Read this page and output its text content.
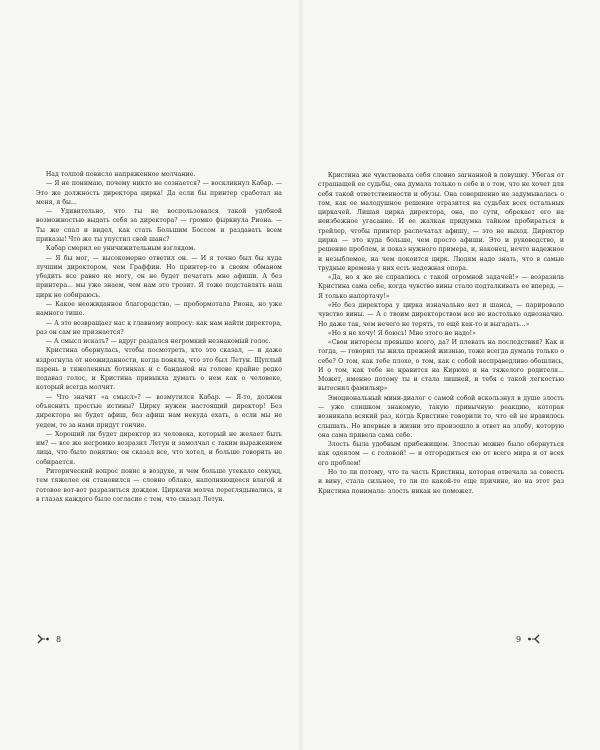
Над толпой повисло напряженное молчание.

— Я не понимаю, почему никто не сознается? — воскликнул Кабар. — Это же должность директора цирка! Да если бы принтер сработал на меня, я бы...

— Удивительно, что ты не воспользовался такой удобной возможностью выдать себя за директора? — громко фыркнула Риона. — Ты же спал и видел, как стать Большим Боссом и раздавать всем приказы! Что же ты упустил свой шанс?

Кабар смерил ее уничижительным взглядом.

— Я бы мог, — высокомерно ответил он. — И я точно был бы куда лучшим директором, чем Граффин. Но принтер-то в своим обманом убедить все равно не могу, он не будет печатать мне афиши. А без принтера... мы уже знаем, чем нам это грозит. Я тоже подставлять наш цирк не собираюсь.

— Какое неожиданное благородство, — пробормотала Риона, но уже намного тише.

— А это возвращает нас к главному вопросу: как нам найти директора, раз он сам не признается?

— А смысл искать? — вдруг раздался негромкий незнакомый голос.

Кристина обернулась, чтобы посмотреть, кто это сказал, — и даже вздрогнула от неожиданности, когда поняла, что это был Летун. Щуплый парень в тяжеленных ботинках и с банданой на голове крайне редко подавал голос, и Кристина привыкла думать о нем как о человеке, который всегда молчит.

— Что значит «а смысл»? — возмутился Кабар. — Я-то, должен объяснить простые истины? Цирку нужен настоящий директор! Без директора не будет афиш, без афиш нам некуда ехать, а если мы не уедем, то за нами придут гончие.

— Хороший ли будет директор из человека, который не желает быть им? — все же негромко возразил Летун и замолчал с таким выражением лица, что было понятно: он сказал все, что хотел, и больше говорить не собирается.

Риторический вопрос повис в воздухе, и чем больше утекало секунд, тем тяжелее он становился — словно облако, наполняющееся влагой и готовое вот-вот разразиться дождем. Циркачи молча переглядывались, и в глазах каждого было согласие с тем, что сказал Летун.

Кристина же чувствовала себя словно загнанной в ловушку. Убегая от страшащей ее судьбы, она думала только о себе и о том, что не хочет для себя такой ответственности и обузы. Она совершенно не задумывалась о том, как ее малодушное решение отразится на судьбах всех остальных циркачей. Лишая цирка директора, она, по сути, обрекает его на неизбежное угасание. И ее жалкая придумка тайком пробираться в трейлер, чтобы принтер распечатал афишу, — это не выход. Директор цирка — это куда больше, чем просто афиши. Это и руководство, и решение проблем, и показ нужного примера, и, наконец, нечто надежное и незыблемое, на чем покоится цирк. Людям надо знать, что в самые трудные времена у них есть надежная опора.

«Да, но я же не справлюсь с такой огромной задачей!» — возразила Кристина сама себе, когда чувство вины стало подталкивать ее вперед. — Я только напортачу!»

«Но без директора у цирка изначально нет и шанса, — парировало чувство вины. — А с твоим директорством все не настолько однозначно. Но даже так, чем нечего не терять, то ещё как-то и выгадать...»

«Но я не хочу! Я боюсь! Мне этого не надо!»

«Свои интересы превыше всего, да? И плевать на последствия? Как и тогда, — говорил ты жила прежней жизнью, тоже всегда думала только о себе? О том, как тебе плохо, о том, как с собой несправедливо обошлись, И о том, как тебе не нравится на Кирюхе и на тяжелого родителя... Может, именно потому ты и стала лишней, и тебя с такой легкостью вытеснил фамильяр»

Эмоциональный мини-диалог с самой собой вскользнул в душе злость — уже слишком знакомую, такую привычную реакцию, которая возникала всякий раз, когда Кристине говорили то, что ей не нравилось слышать. Но впервые в жизни это произошло в ответ на злобу, которую она сама привела сама себе.

Злость была удобным прибежищем. Злостью можно было обернуться как одеялом — с головой! — и отгородиться ею от всего мира и от всех его проблем!

Но то ли потому, что та часть Кристины, которая отвечала за совесть и вину, стала сильнее, то ли по какой-то еще причине, но на этот раз Кристина понимала: злость никак не поможет.

8	9
